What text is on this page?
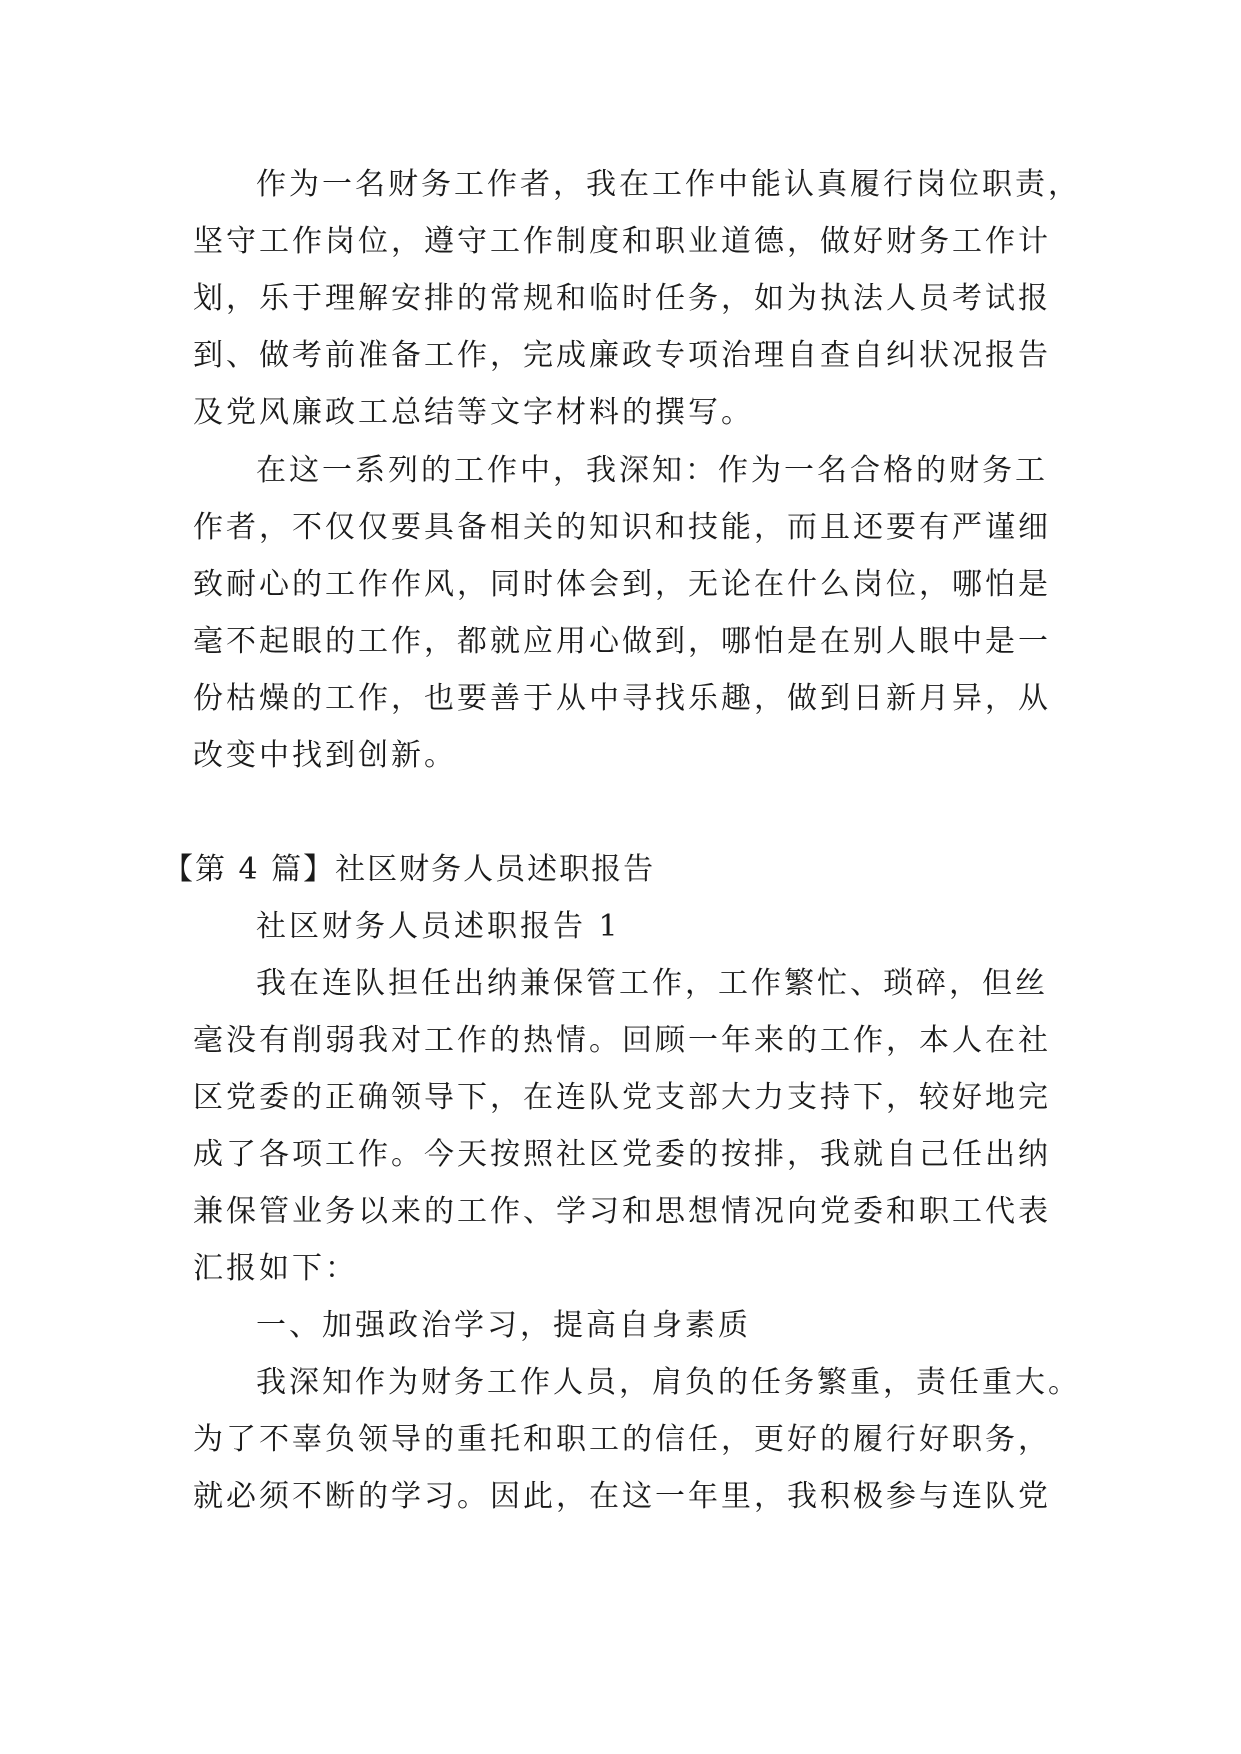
作为一名财务工作者，我在工作中能认真履行岗位职责，
坚守工作岗位，遵守工作制度和职业道德，做好财务工作计
划，乐于理解安排的常规和临时任务，如为执法人员考试报
到、做考前准备工作，完成廉政专项治理自查自纠状况报告
及党风廉政工总结等文字材料的撰写。
在这一系列的工作中，我深知：作为一名合格的财务工
作者，不仅仅要具备相关的知识和技能，而且还要有严谨细
致耐心的工作作风，同时体会到，无论在什么岗位，哪怕是
毫不起眼的工作，都就应用心做到，哪怕是在别人眼中是一
份枯燥的工作，也要善于从中寻找乐趣，做到日新月异，从
改变中找到创新。
【第 4 篇】社区财务人员述职报告
社区财务人员述职报告 1
我在连队担任出纳兼保管工作，工作繁忙、琐碎，但丝
毫没有削弱我对工作的热情。回顾一年来的工作，本人在社
区党委的正确领导下，在连队党支部大力支持下，较好地完
成了各项工作。今天按照社区党委的按排，我就自己任出纳
兼保管业务以来的工作、学习和思想情况向党委和职工代表
汇报如下：
一、加强政治学习，提高自身素质
我深知作为财务工作人员，肩负的任务繁重，责任重大。
为了不辜负领导的重托和职工的信任，更好的履行好职务，
就必须不断的学习。因此，在这一年里，我积极参与连队党
